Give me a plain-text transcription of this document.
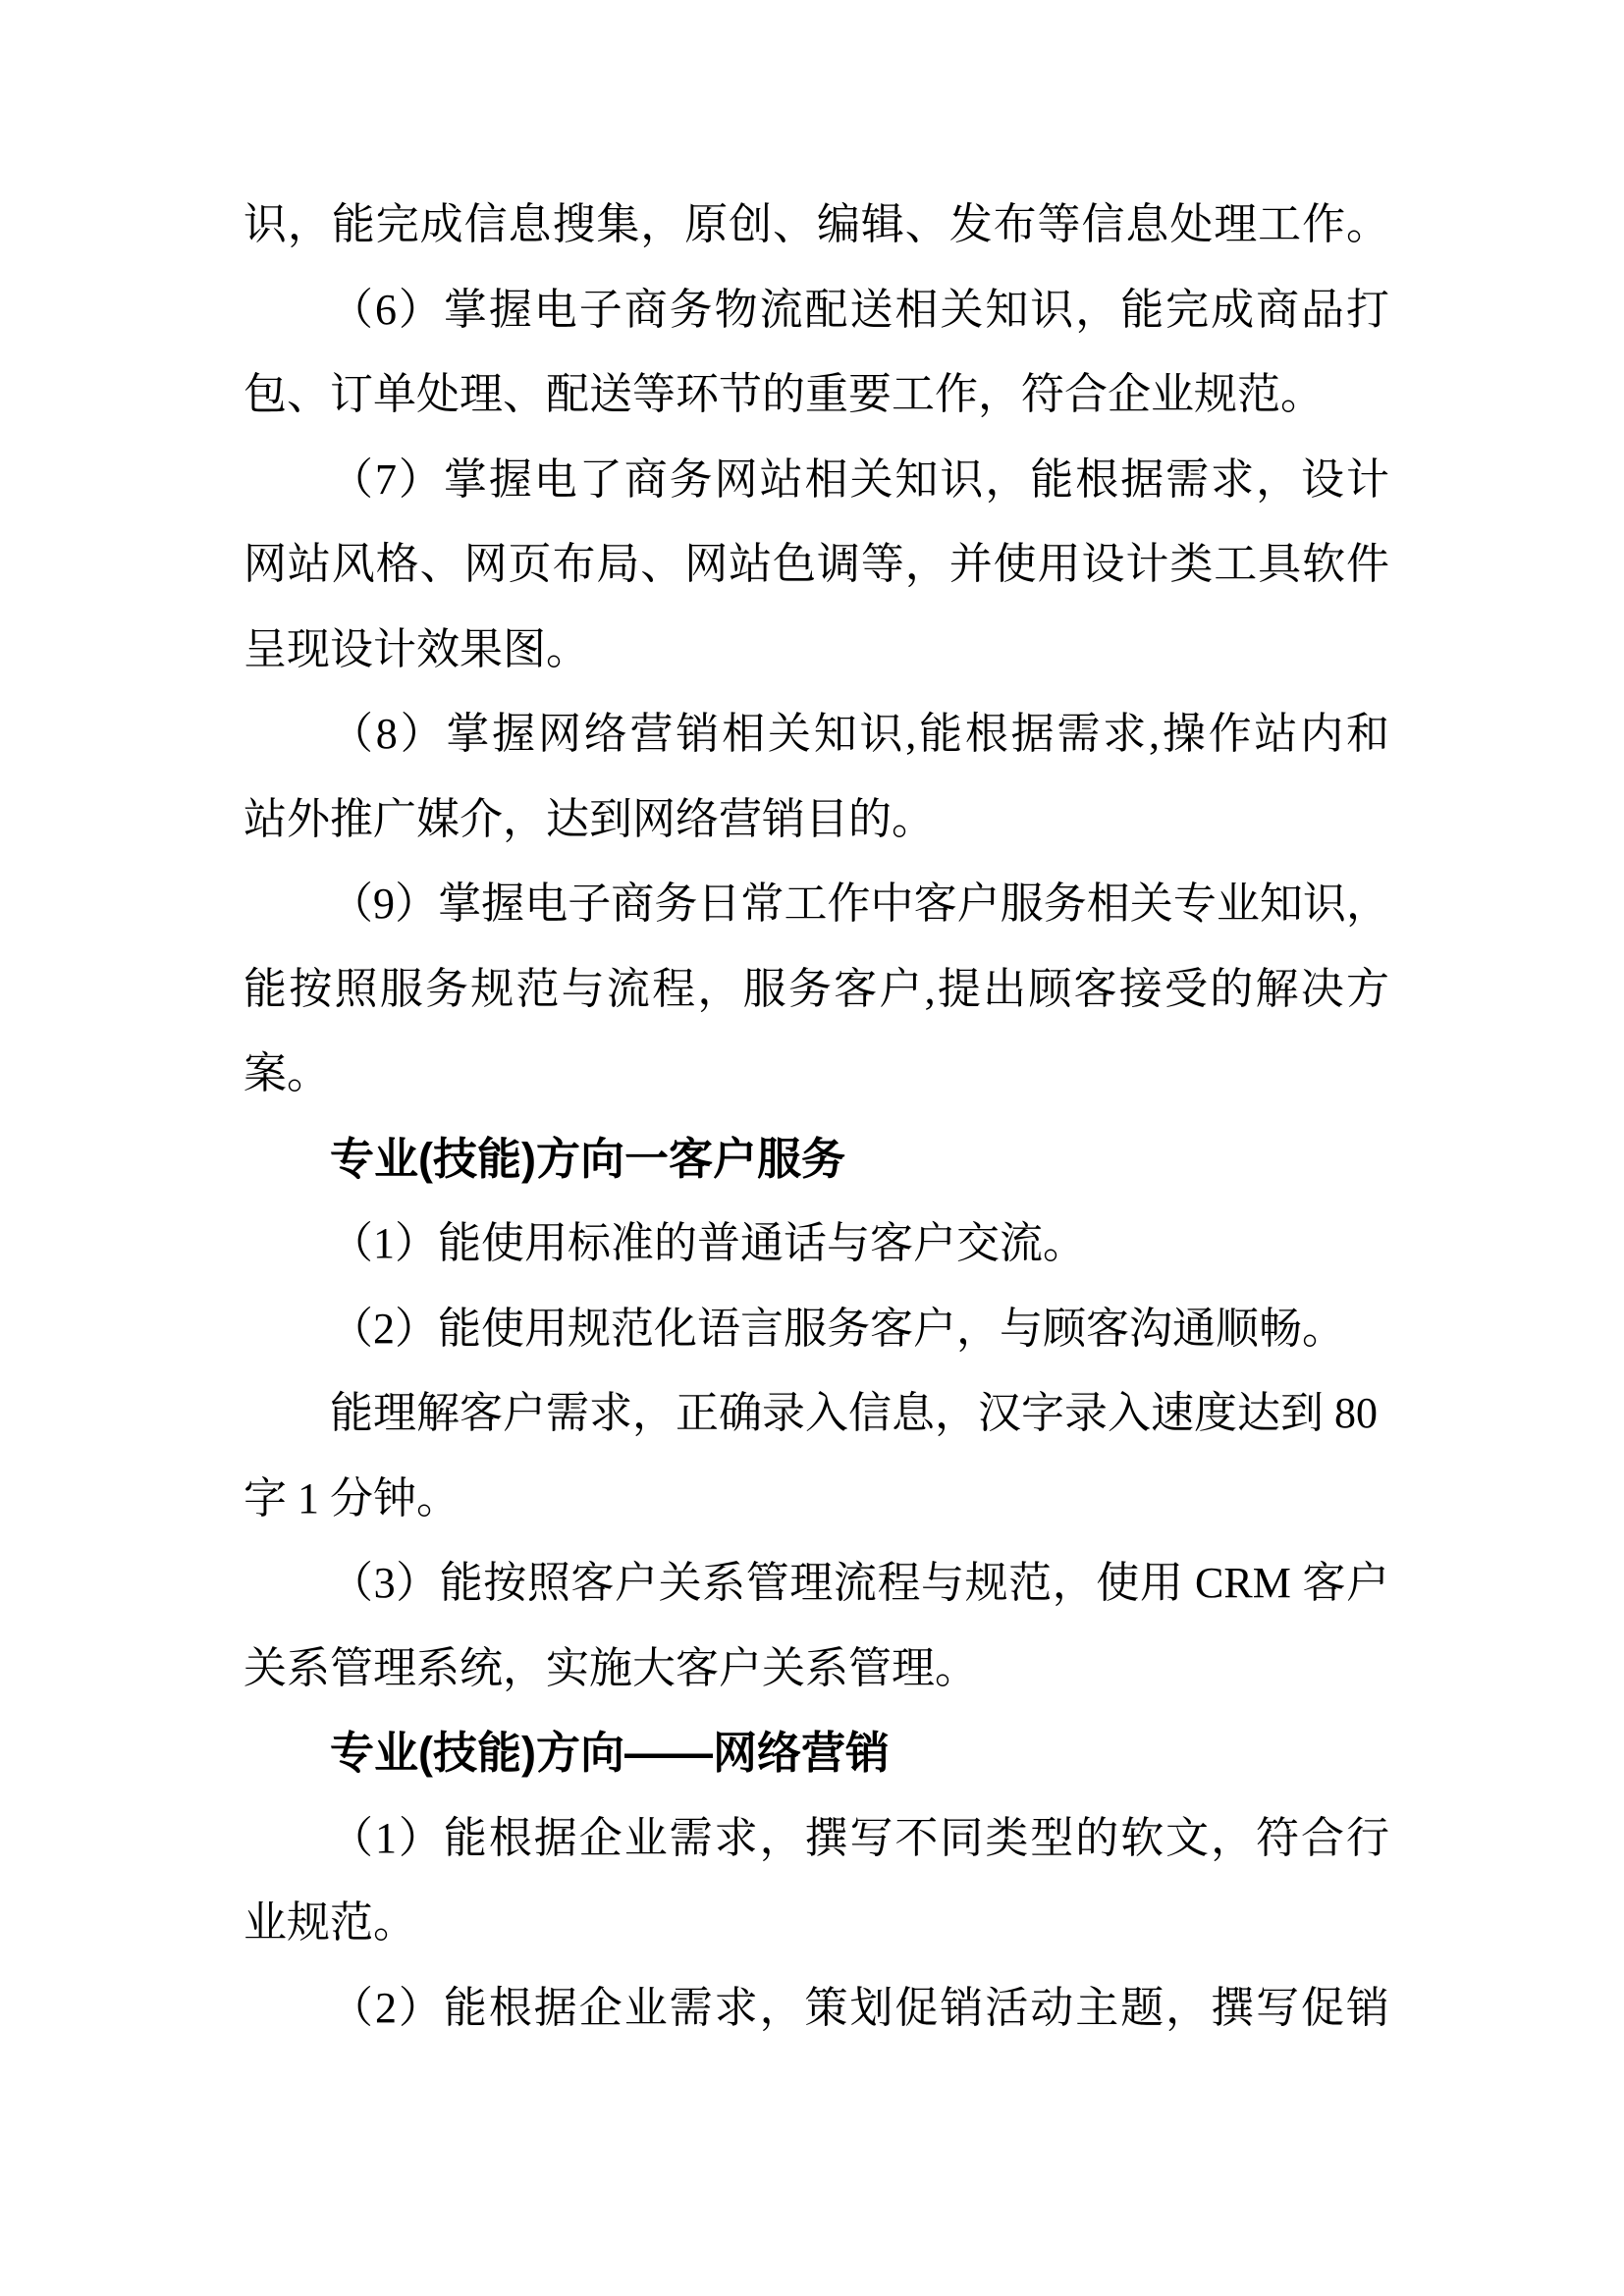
识，能完成信息搜集，原创、编辑、发布等信息处理工作。
（6）掌握电子商务物流配送相关知识，能完成商品打
包、订单处理、配送等环节的重要工作，符合企业规范。
（7）掌握电了商务网站相关知识，能根据需求，设计
网站风格、网页布局、网站色调等，并使用设计类工具软件
呈现设计效果图。
（8）掌握网络营销相关知识,能根据需求,操作站内和
站外推广媒介，达到网络营销目的。
（9）掌握电子商务日常工作中客户服务相关专业知识，
能按照服务规范与流程，服务客户,提出顾客接受的解决方
案。
专业(技能)方向一客户服务
（1）能使用标准的普通话与客户交流。
（2）能使用规范化语言服务客户，与顾客沟通顺畅。
能理解客户需求，正确录入信息，汉字录入速度达到 80
字 1 分钟。
（3）能按照客户关系管理流程与规范，使用 CRM 客户
关系管理系统，实施大客户关系管理。
专业(技能)方向——网络营销
（1）能根据企业需求，撰写不同类型的软文，符合行
业规范。
（2）能根据企业需求，策划促销活动主题，撰写促销
